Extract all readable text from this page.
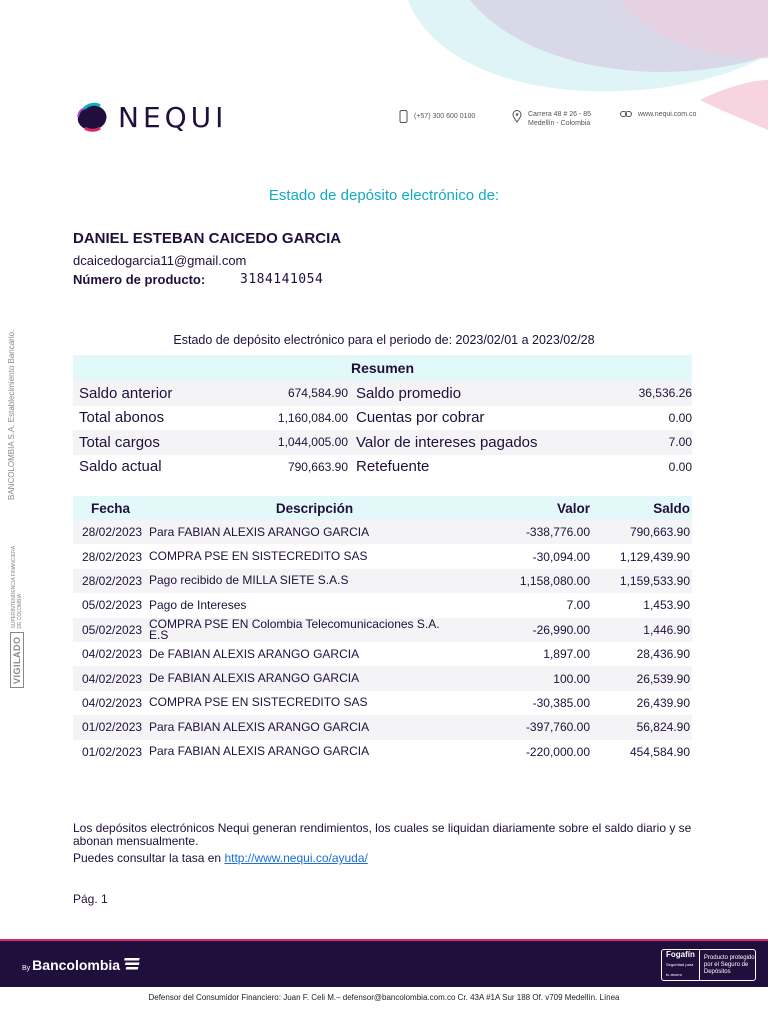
NEQUI	(+57) 300 600 0100	Carrera 48 # 26 - 85
Medellín - Colombia
www.nequi.com.co
Estado de depósito electrónico de:
DANIEL ESTEBAN CAICEDO GARCIA
dcaicedogarcia11@gmail.com
Número de producto:	3184141054
Estado de depósito electrónico para el periodo de: 2023/02/01 a 2023/02/28
Resumen
Saldo anterior	674,584.90 Saldo promedio	36,536.26
Total abonos	1,160,084.00 Cuentas por cobrar	0.00
Total cargos	1,044,005.00 Valor de intereses pagados	7.00
Saldo actual	790,663.90 Retefuente	0.00
Fecha	Descripción	Valor	Saldo
28/02/2023 Para FABIAN ALEXIS ARANGO GARCIA	-338,776.00	790,663.90
28/02/2023 COMPRA PSE EN SISTECREDITO SAS	-30,094.00	1,129,439.90
28/02/2023 Pago recibido de MILLA SIETE S.A.S	1,158,080.00	1,159,533.90
05/02/2023 Pago de Intereses	7.00	1,453.90
05/02/2023 COMPRA PSE EN Colombia Telecomunicaciones S.A. E.S	-26,990.00	1,446.90
04/02/2023 De FABIAN ALEXIS ARANGO GARCIA	1,897.00	28,436.90
04/02/2023 De FABIAN ALEXIS ARANGO GARCIA	100.00	26,539.90
04/02/2023 COMPRA PSE EN SISTECREDITO SAS	-30,385.00	26,439.90
01/02/2023 Para FABIAN ALEXIS ARANGO GARCIA	-397,760.00	56,824.90
01/02/2023 Para FABIAN ALEXIS ARANGO GARCIA	-220,000.00	454,584.90
Los depósitos electrónicos Nequi generan rendimientos, los cuales se liquidan diariamente sobre el saldo diario y se abonan mensualmente.
Puedes consultar la tasa en http://www.nequi.co/ayuda/
Pág. 1
BANCOLOMBIA S.A. Establecimiento Bancario.
VIGILADO
SUPERINTENDENCIA FINANCIERA DE COLOMBIA
By Bancolombia
Fogafín
Seguridad para tu ahorro
Producto protegido por el Seguro de Depósitos
Defensor del Consumidor Financiero: Juan F. Celi M.– defensor@bancolombia.com.co Cr. 43A #1A Sur 188 Of. v709 Medellín. Línea
